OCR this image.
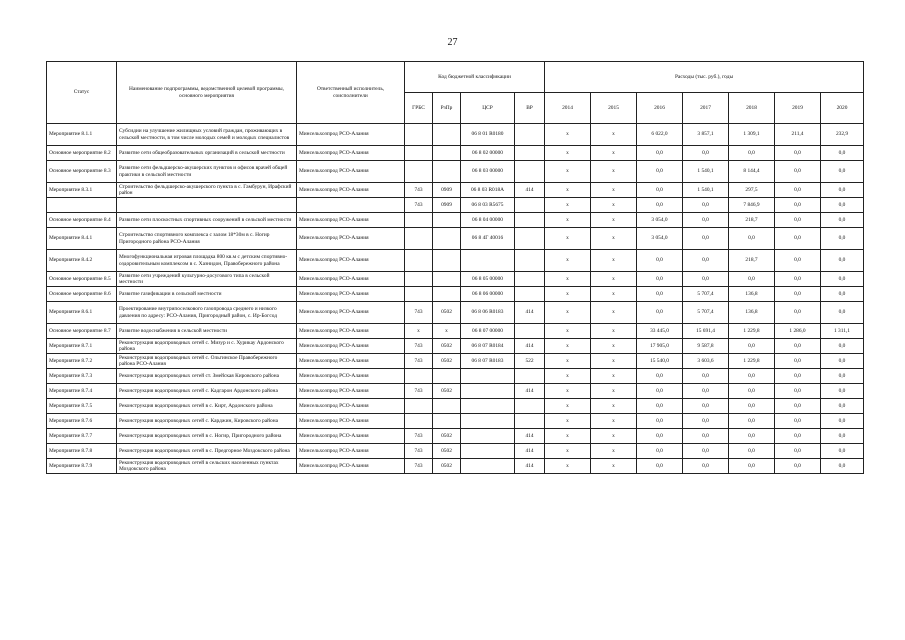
27
Статус	Наименование подпрограммы, ведомственной целевой программы, основного мероприятия	Ответственный исполнитель, соисполнители	Код бюджетной классификации				Расходы (тыс. руб.), годы						
			ГРБС	РзПр	ЦСР	ВР	2014	2015	2016	2017	2018	2019	2020
Мероприятие 8.1.1	Субсидии на улучшение жилищных условий граждан, проживающих в сельской местности, в том числе молодых семей и молодых специалистов	Минсельхозпрод РСО-Алания			06 8 01 R0180		х	х	6 022,0	3 857,1	1 309,1	211,4	232,9
Основное мероприятие 8.2	Развитие сети общеобразовательных организаций в сельской местности	Минсельхозпрод РСО-Алания			06 8 02 00000		х	х	0,0	0,0	0,0	0,0	0,0
Основное мероприятие 8.3	Развитие сети фельдшерско-акушерских пунктов и офисов врачей общей практики в сельской местности	Минсельхозпрод РСО-Алания			06 8 03 00000		х	х	0,0	1 540,1	8 144,4	0,0	0,0
Мероприятие 8.3.1	Строительство фельдшерско-акушерского пункта в с. Гамбурун, Ирафский район	Минсельхозпрод РСО-Алания	743	0909	06 8 03 R018A	414	х	х	0,0	1 540,1	297,5	0,0	0,0
			743	0909	06 8 03 R5675		х	х	0,0	0,0	7 846,9	0,0	0,0
Основное мероприятие 8.4	Развитие сети плоскостных спортивных сооружений в сельской местности	Минсельхозпрод РСО-Алания			06 8 04 00000		х	х	3 054,0	0,0	218,7	0,0	0,0
Мероприятие 8.4.1	Строительство спортивного комплекса с залом 18*30м в с. Ногир Пригородного района РСО-Алания	Минсельхозпрод РСО-Алания			06 8 4Г 40016		х	х	3 054,0	0,0	0,0	0,0	0,0
Мероприятие 8.4.2	Многофункциональная игровая площадка 800 кв.м с детским спортивно-оздоровительным комплексом в с. Хазнидон, Правобережного района	Минсельхозпрод РСО-Алания					х	х	0,0	0,0	218,7	0,0	0,0
Основное мероприятие 8.5	Развитие сети учреждений культурно-досугового типа в сельской местности	Минсельхозпрод РСО-Алания			06 8 05 00000		х	х	0,0	0,0	0,0	0,0	0,0
Основное мероприятие 8.6	Развитие газификации в сельской местности	Минсельхозпрод РСО-Алания			06 8 06 00000		х	х	0,0	5 707,4	136,8	0,0	0,0
Мероприятие 8.6.1	Проектирование внутрипоселкового газопровода среднего и низкого давления по адресу: РСО-Алания, Пригородный район, с. Ир-Богсод	Минсельхозпрод РСО-Алания	743	0502	06 8 06 R0183	414	х	х	0,0	5 707,4	136,8	0,0	0,0
Основное мероприятие 8.7	Развитие водоснабжения в сельской местности	Минсельхозпрод РСО-Алания	х	х	06 8 07 00000		х	х	33 445,0	15 691,4	1 229,8	1 286,0	1 311,1
Мероприятие 8.7.1	Реконструкция водопроводных сетей с. Мизур и с. Хурикау Ардонского района	Минсельхозпрод РСО-Алания	743	0502	06 8 07 R0184	414	х	х	17 905,0	9 587,8	0,0	0,0	0,0
Мероприятие 8.7.2	Реконструкция водопроводных сетей с. Ольгинское Правобережного района РСО-Алания	Минсельхозпрод РСО-Алания	743	0502	06 8 07 R0183	522	х	х	15 540,0	3 603,6	1 229,8	0,0	0,0
Мероприятие 8.7.3	Реконструкция водопроводных сетей ст. Змейская Кировского района	Минсельхозпрод РСО-Алания					х	х	0,0	0,0	0,0	0,0	0,0
Мероприятие 8.7.4	Реконструкция водопроводных сетей с. Кадгарон Ардонского района	Минсельхозпрод РСО-Алания	743	0502		414	х	х	0,0	0,0	0,0	0,0	0,0
Мероприятие 8.7.5	Реконструкция водопроводных сетей в с. Кирт, Ардонского района	Минсельхозпрод РСО-Алания					х	х	0,0	0,0	0,0	0,0	0,0
Мероприятие 8.7.6	Реконструкция водопроводных сетей с. Карджин, Кировского района	Минсельхозпрод РСО-Алания					х	х	0,0	0,0	0,0	0,0	0,0
Мероприятие 8.7.7	Реконструкция водопроводных сетей в с. Ногир, Пригородного района	Минсельхозпрод РСО-Алания	743	0502		414	х	х	0,0	0,0	0,0	0,0	0,0
Мероприятие 8.7.8	Реконструкция водопроводных сетей в с. Предгорное Моздокского района	Минсельхозпрод РСО-Алания	743	0502		414	х	х	0,0	0,0	0,0	0,0	0,0
Мероприятие 8.7.9	Реконструкция водопроводных сетей в сельских населенных пунктах Моздокского района	Минсельхозпрод РСО-Алания	743	0502		414	х	х	0,0	0,0	0,0	0,0	0,0
